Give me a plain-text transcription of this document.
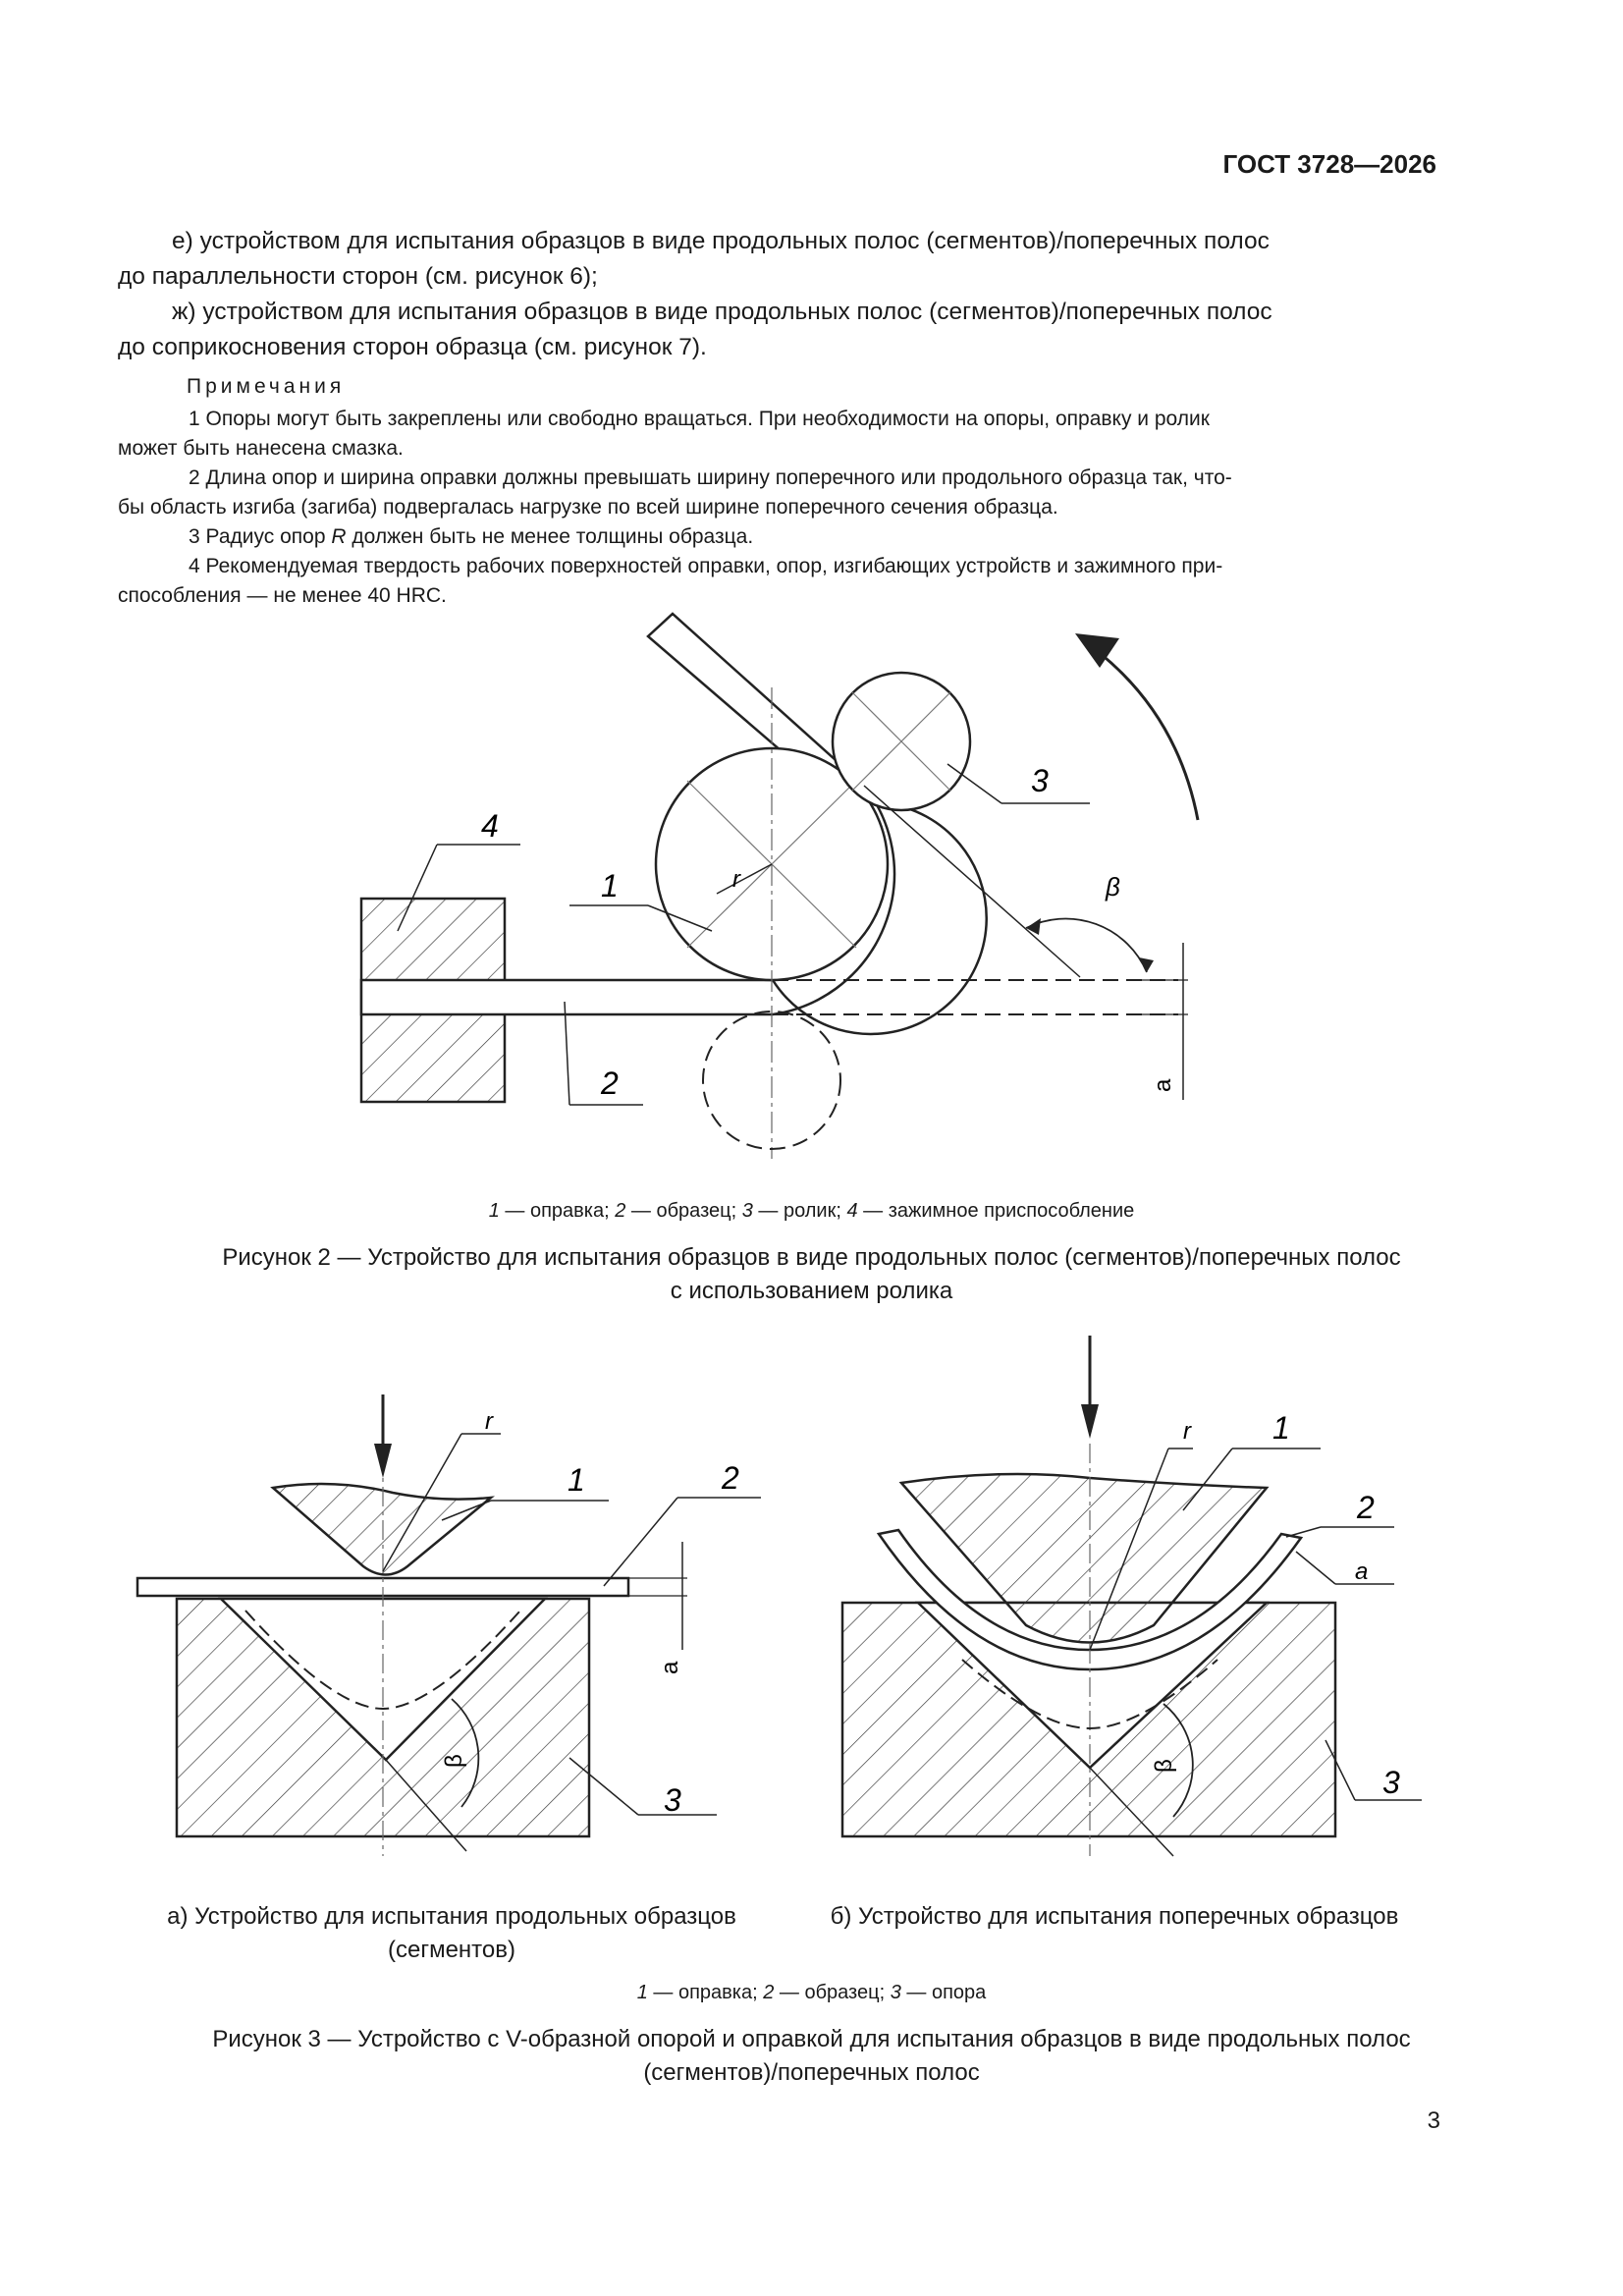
ГОСТ 3728—2026
е) устройством для испытания образцов в виде продольных полос (сегментов)/поперечных полос
до параллельности сторон (см. рисунок 6);
ж) устройством для испытания образцов в виде продольных полос (сегментов)/поперечных полос
до соприкосновения сторон образца (см. рисунок 7).
Примечания
1 Опоры могут быть закреплены или свободно вращаться. При необходимости на опоры, оправку и ролик
может быть нанесена смазка.
2 Длина опор и ширина оправки должны превышать ширину поперечного или продольного образца так, что-
бы область изгиба (загиба) подвергалась нагрузке по всей ширине поперечного сечения образца.
3 Радиус опор R должен быть не менее толщины образца.
4 Рекомендуемая твердость рабочих поверхностей оправки, опор, изгибающих устройств и зажимного при-
способления — не менее 40 HRC.
4
1
2
3
r	β
a
1 — оправка; 2 — образец; 3 — ролик; 4 — зажимное приспособление
Рисунок 2 — Устройство для испытания образцов в виде продольных полос (сегментов)/поперечных полос
с использованием ролика
r
1	2
3
β
a
r	1
2
a
3
β
а) Устройство для испытания продольных образцов
(сегментов)
б) Устройство для испытания поперечных образцов
1 — оправка; 2 — образец; 3 — опора
Рисунок 3 — Устройство с V-образной опорой и оправкой для испытания образцов в виде продольных полос
(сегментов)/поперечных полос
3
